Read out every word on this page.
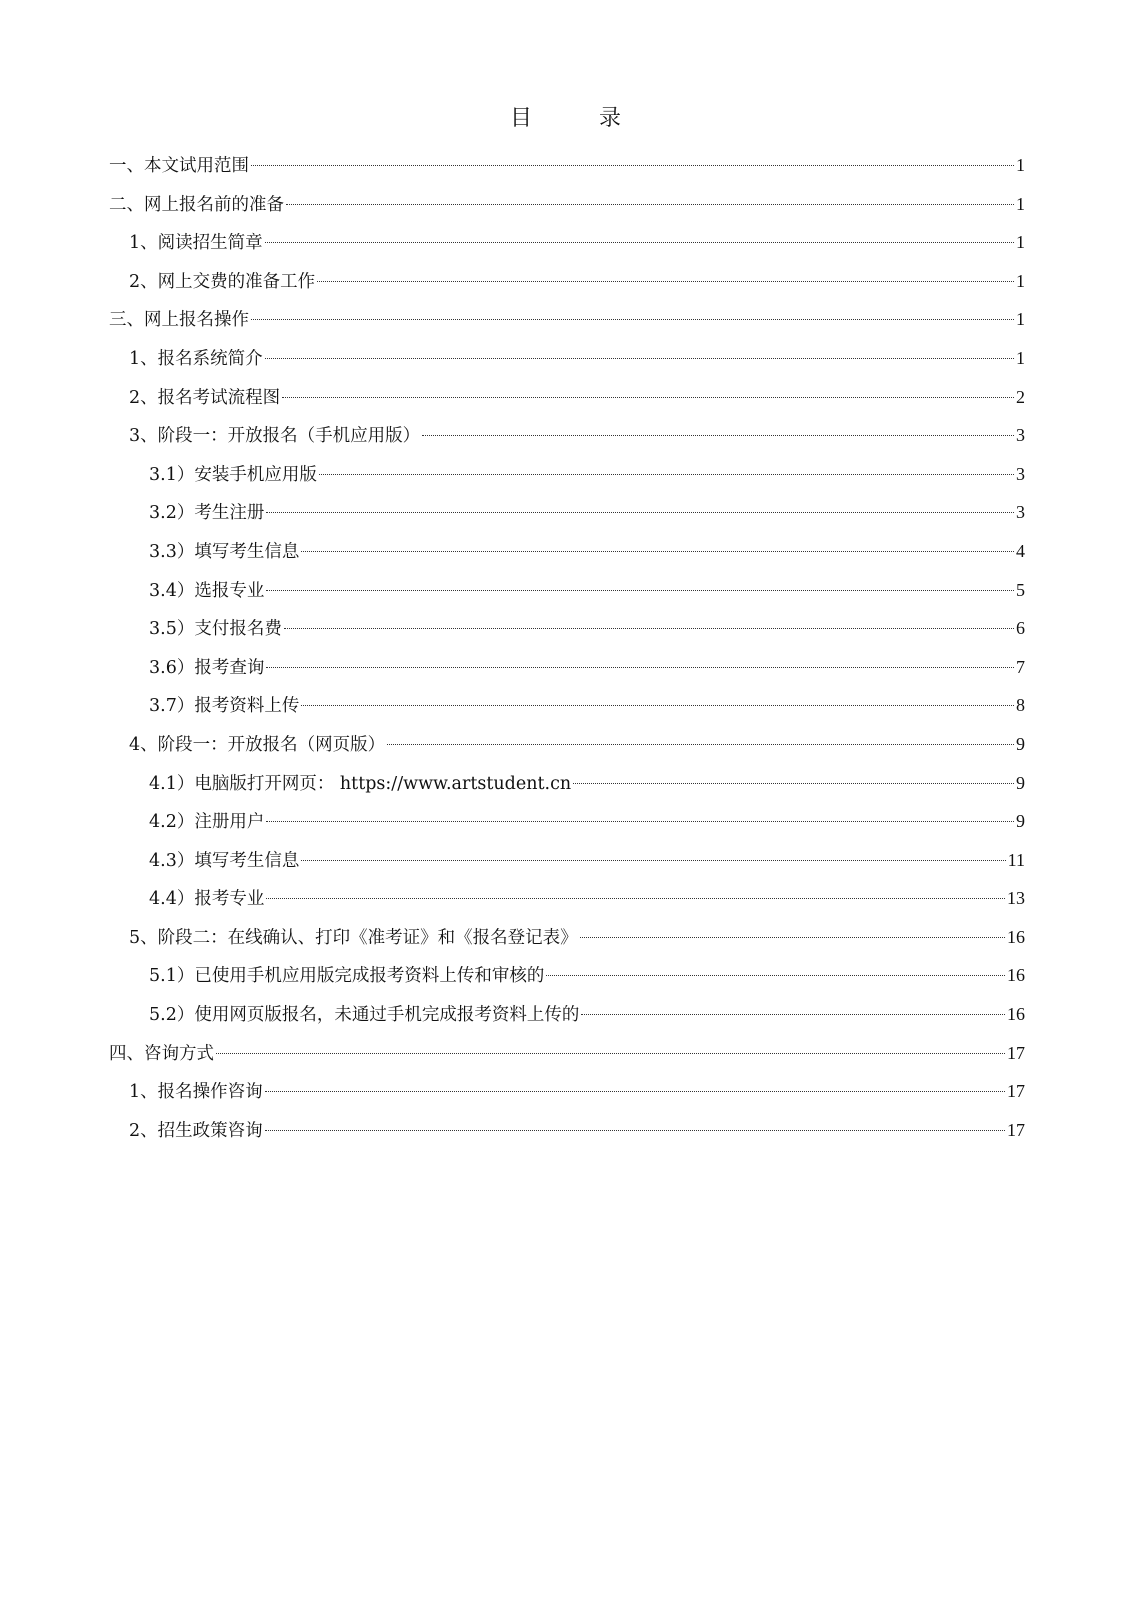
目 录
一、本文试用范围	1
二、网上报名前的准备	1
1、阅读招生简章	1
2、网上交费的准备工作	1
三、网上报名操作	1
1、报名系统简介	1
2、报名考试流程图	2
3、阶段一：开放报名（手机应用版）	3
3.1）安装手机应用版	3
3.2）考生注册	3
3.3）填写考生信息	4
3.4）选报专业	5
3.5）支付报名费	6
3.6）报考查询	7
3.7）报考资料上传	8
4、阶段一：开放报名（网页版）	9
4.1）电脑版打开网页： https://www.artstudent.cn	9
4.2）注册用户	9
4.3）填写考生信息	11
4.4）报考专业	13
5、阶段二：在线确认、打印《准考证》和《报名登记表》	16
5.1）已使用手机应用版完成报考资料上传和审核的	16
5.2）使用网页版报名，未通过手机完成报考资料上传的	16
四、咨询方式	17
1、报名操作咨询	17
2、招生政策咨询	17
